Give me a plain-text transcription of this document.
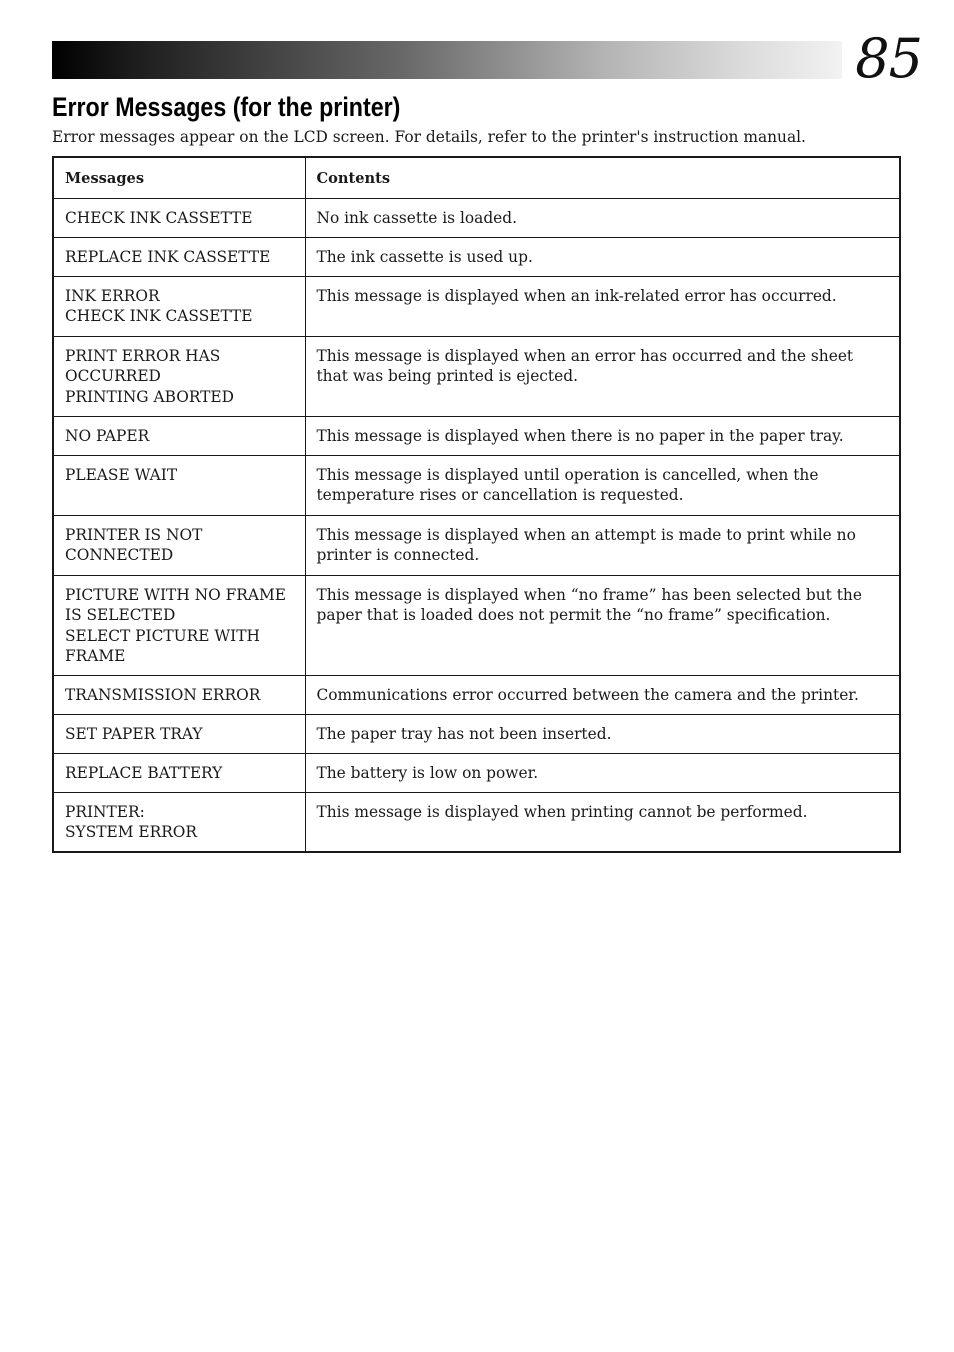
85
Error Messages (for the printer)
Error messages appear on the LCD screen. For details, refer to the printer's instruction manual.
Messages	Contents

CHECK INK CASSETTE	No ink cassette is loaded.

REPLACE INK CASSETTE	The ink cassette is used up.

INK ERROR
CHECK INK CASSETTE	This message is displayed when an ink-related error has occurred.

PRINT ERROR HAS
OCCURRED
PRINTING ABORTED	This message is displayed when an error has occurred and the sheet that was being printed is ejected.

NO PAPER	This message is displayed when there is no paper in the paper tray.

PLEASE WAIT	This message is displayed until operation is cancelled, when the temperature rises or cancellation is requested.

PRINTER IS NOT
CONNECTED	This message is displayed when an attempt is made to print while no printer is connected.

PICTURE WITH NO FRAME
IS SELECTED
SELECT PICTURE WITH
FRAME	This message is displayed when “no frame” has been selected but the paper that is loaded does not permit the “no frame” specification.

TRANSMISSION ERROR	Communications error occurred between the camera and the printer.

SET PAPER TRAY	The paper tray has not been inserted.

REPLACE BATTERY	The battery is low on power.

PRINTER:
SYSTEM ERROR	This message is displayed when printing cannot be performed.
